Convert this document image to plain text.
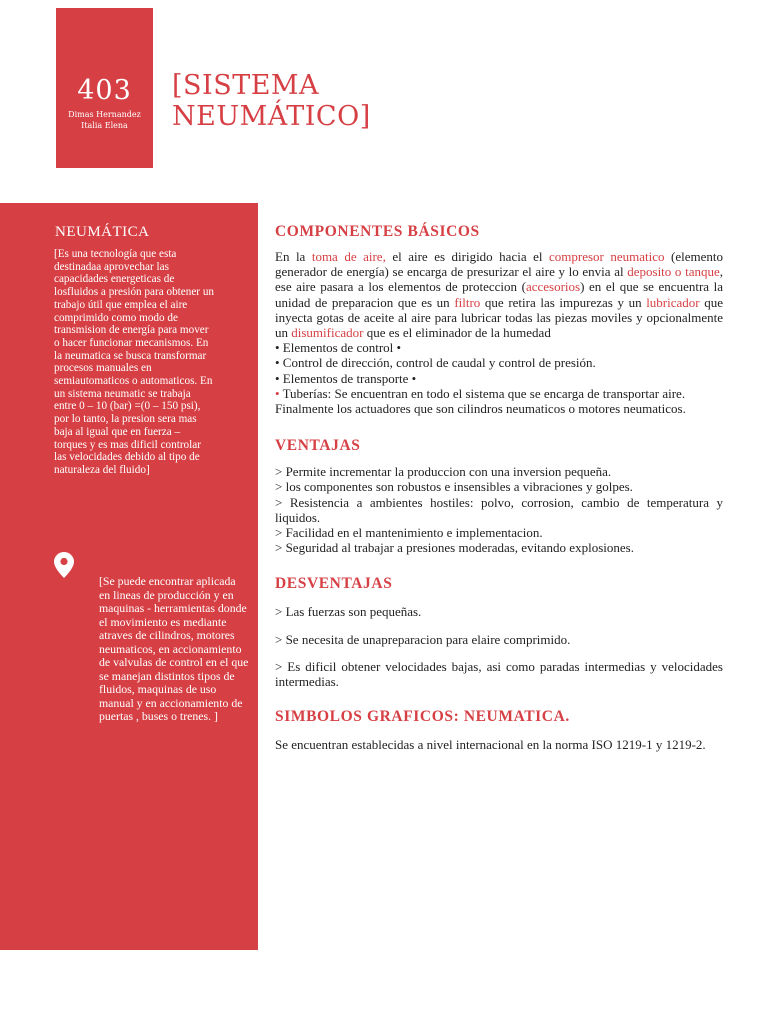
403
Dimas Hernandez
Italia Elena
[SISTEMA
NEUMÁTICO]
NEUMÁTICA
[Es una tecnología que esta destinadaa aprovechar las capacidades energeticas de losfluidos a presión para obtener un trabajo útil que emplea el aire comprimido como modo de transmision de energía para mover o hacer funcionar mecanismos. En la neumatica se busca transformar procesos manuales en semiautomaticos o automaticos. En un sistema neumatic se trabaja entre 0 – 10 (bar) =(0 – 150 psi), por lo tanto, la presion sera mas baja al igual que en fuerza – torques y es mas dificil controlar las velocidades debido al tipo de naturaleza del fluido]
[Se puede encontrar aplicada en lineas de producción y en maquinas - herramientas donde el movimiento es mediante atraves de cilindros, motores neumaticos, en accionamiento de valvulas de control en el que se manejan distintos tipos de fluidos, maquinas de uso manual y en accionamiento de puertas , buses o trenes. ]
COMPONENTES BÁSICOS

En la toma de aire, el aire es dirigido hacia el compresor neumatico (elemento generador de energía) se encarga de presurizar el aire y lo envia al deposito o tanque, ese aire pasara a los elementos de proteccion (accesorios) en el que se encuentra la unidad de preparacion que es un filtro que retira las impurezas y un lubricador que inyecta gotas de aceite al aire para lubricar todas las piezas moviles y opcionalmente un disumificador que es el eliminador de la humedad

• Elementos de control •
• Control de dirección, control de caudal y control de presión.
• Elementos de transporte •
• Tuberías: Se encuentran en todo el sistema que se encarga de transportar aire.
Finalmente los actuadores que son cilindros neumaticos o motores neumaticos.
VENTAJAS
> Permite incrementar la produccion con una inversion pequeña.
> los componentes son robustos e insensibles a vibraciones y golpes.
> Resistencia a ambientes hostiles: polvo, corrosion, cambio de temperatura y liquidos.
> Facilidad en el mantenimiento e implementacion.
> Seguridad al trabajar a presiones moderadas, evitando explosiones.
DESVENTAJAS
> Las fuerzas son pequeñas.
> Se necesita de unapreparacion para elaire comprimido.
> Es dificil obtener velocidades bajas, asi como paradas intermedias y velocidades intermedias.
SIMBOLOS GRAFICOS: NEUMATICA.
Se encuentran establecidas a nivel internacional en la norma ISO 1219-1 y 1219-2.
